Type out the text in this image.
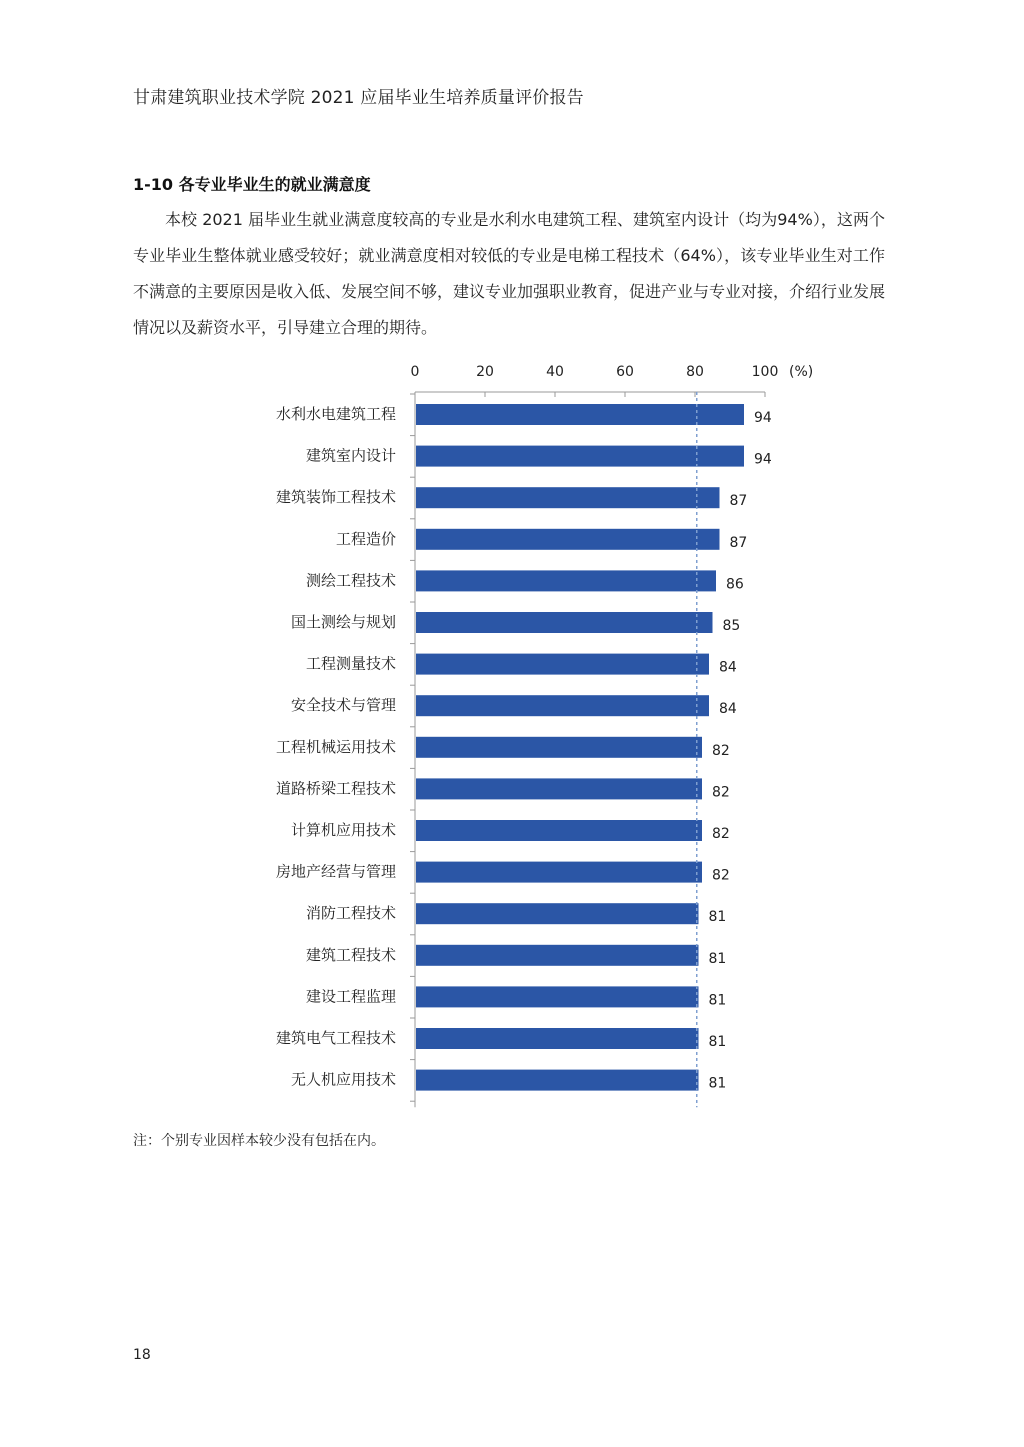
甘肃建筑职业技术学院 2021 应届毕业生培养质量评价报告
1-10 各专业毕业生的就业满意度

本校 2021 届毕业生就业满意度较高的专业是水利水电建筑工程、建筑室内设计（均为94%），这两个专业毕业生整体就业感受较好；就业满意度相对较低的专业是电梯工程技术（64%），该专业毕业生对工作不满意的主要原因是收入低、发展空间不够，建议专业加强职业教育，促进产业与专业对接，介绍行业发展情况以及薪资水平，引导建立合理的期待。

0	20	40	60	80	100 (%)
水利水电建筑工程	94
建筑室内设计	94
建筑装饰工程技术	87
工程造价	87
测绘工程技术	86
国土测绘与规划	85
工程测量技术	84
安全技术与管理	84
工程机械运用技术	82
道路桥梁工程技术	82
计算机应用技术	82
房地产经营与管理	82
消防工程技术	81
建筑工程技术	81
建设工程监理	81
建筑电气工程技术	81
无人机应用技术	81
注：个别专业因样本较少没有包括在内。
18
